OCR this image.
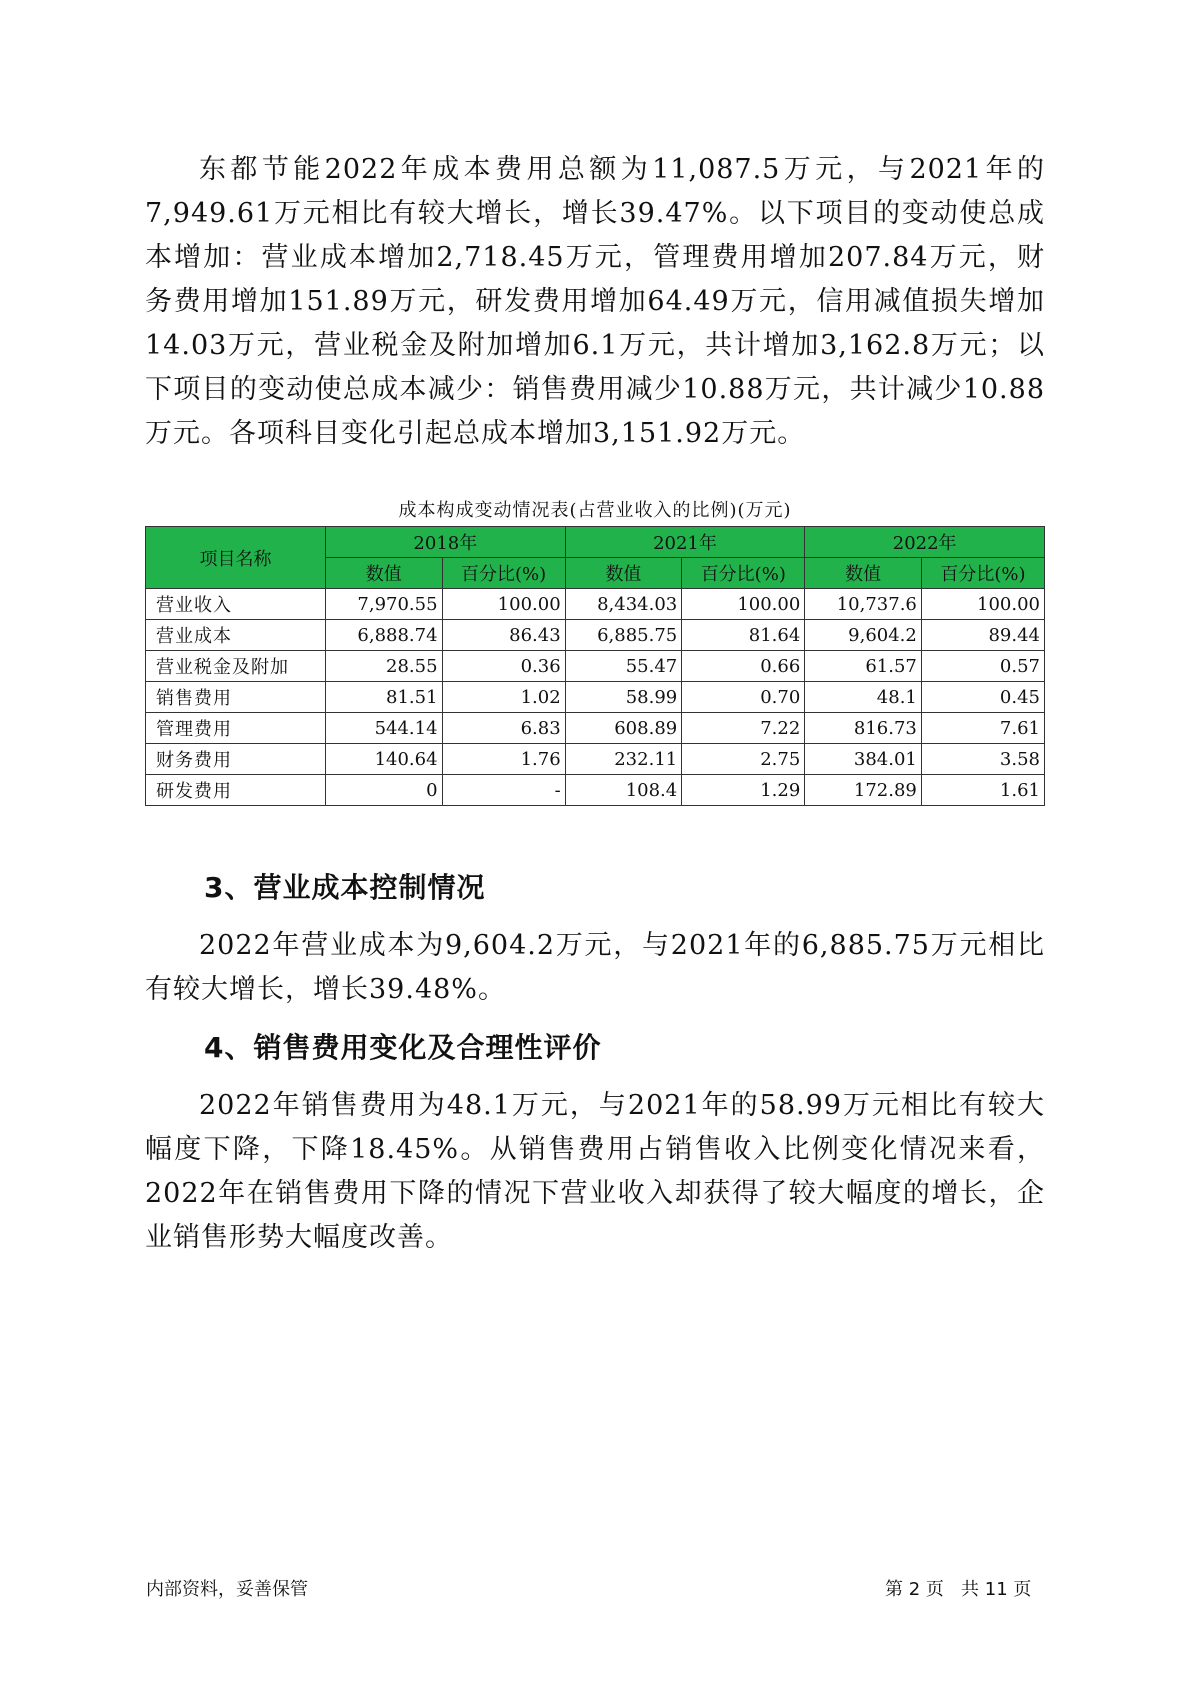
东都节能2022年成本费用总额为11,087.5万元，与2021年的7,949.61万元相比有较大增长，增长39.47%。以下项目的变动使总成本增加：营业成本增加2,718.45万元，管理费用增加207.84万元，财务费用增加151.89万元，研发费用增加64.49万元，信用减值损失增加14.03万元，营业税金及附加增加6.1万元，共计增加3,162.8万元；以下项目的变动使总成本减少：销售费用减少10.88万元，共计减少10.88万元。各项科目变化引起总成本增加3,151.92万元。

成本构成变动情况表(占营业收入的比例)(万元)

项目名称	2018年		2021年		2022年	
	数值	百分比(%)	数值	百分比(%)	数值	百分比(%)
营业收入	7,970.55	100.00	8,434.03	100.00	10,737.6	100.00
营业成本	6,888.74	86.43	6,885.75	81.64	9,604.2	89.44
营业税金及附加	28.55	0.36	55.47	0.66	61.57	0.57
销售费用	81.51	1.02	58.99	0.70	48.1	0.45
管理费用	544.14	6.83	608.89	7.22	816.73	7.61
财务费用	140.64	1.76	232.11	2.75	384.01	3.58
研发费用	0	-	108.4	1.29	172.89	1.61
3、营业成本控制情况

2022年营业成本为9,604.2万元，与2021年的6,885.75万元相比有较大增长，增长39.48%。

4、销售费用变化及合理性评价

2022年销售费用为48.1万元，与2021年的58.99万元相比有较大幅度下降，下降18.45%。从销售费用占销售收入比例变化情况来看，2022年在销售费用下降的情况下营业收入却获得了较大幅度的增长，企业销售形势大幅度改善。

内部资料，妥善保管	第 2 页   共 11 页
